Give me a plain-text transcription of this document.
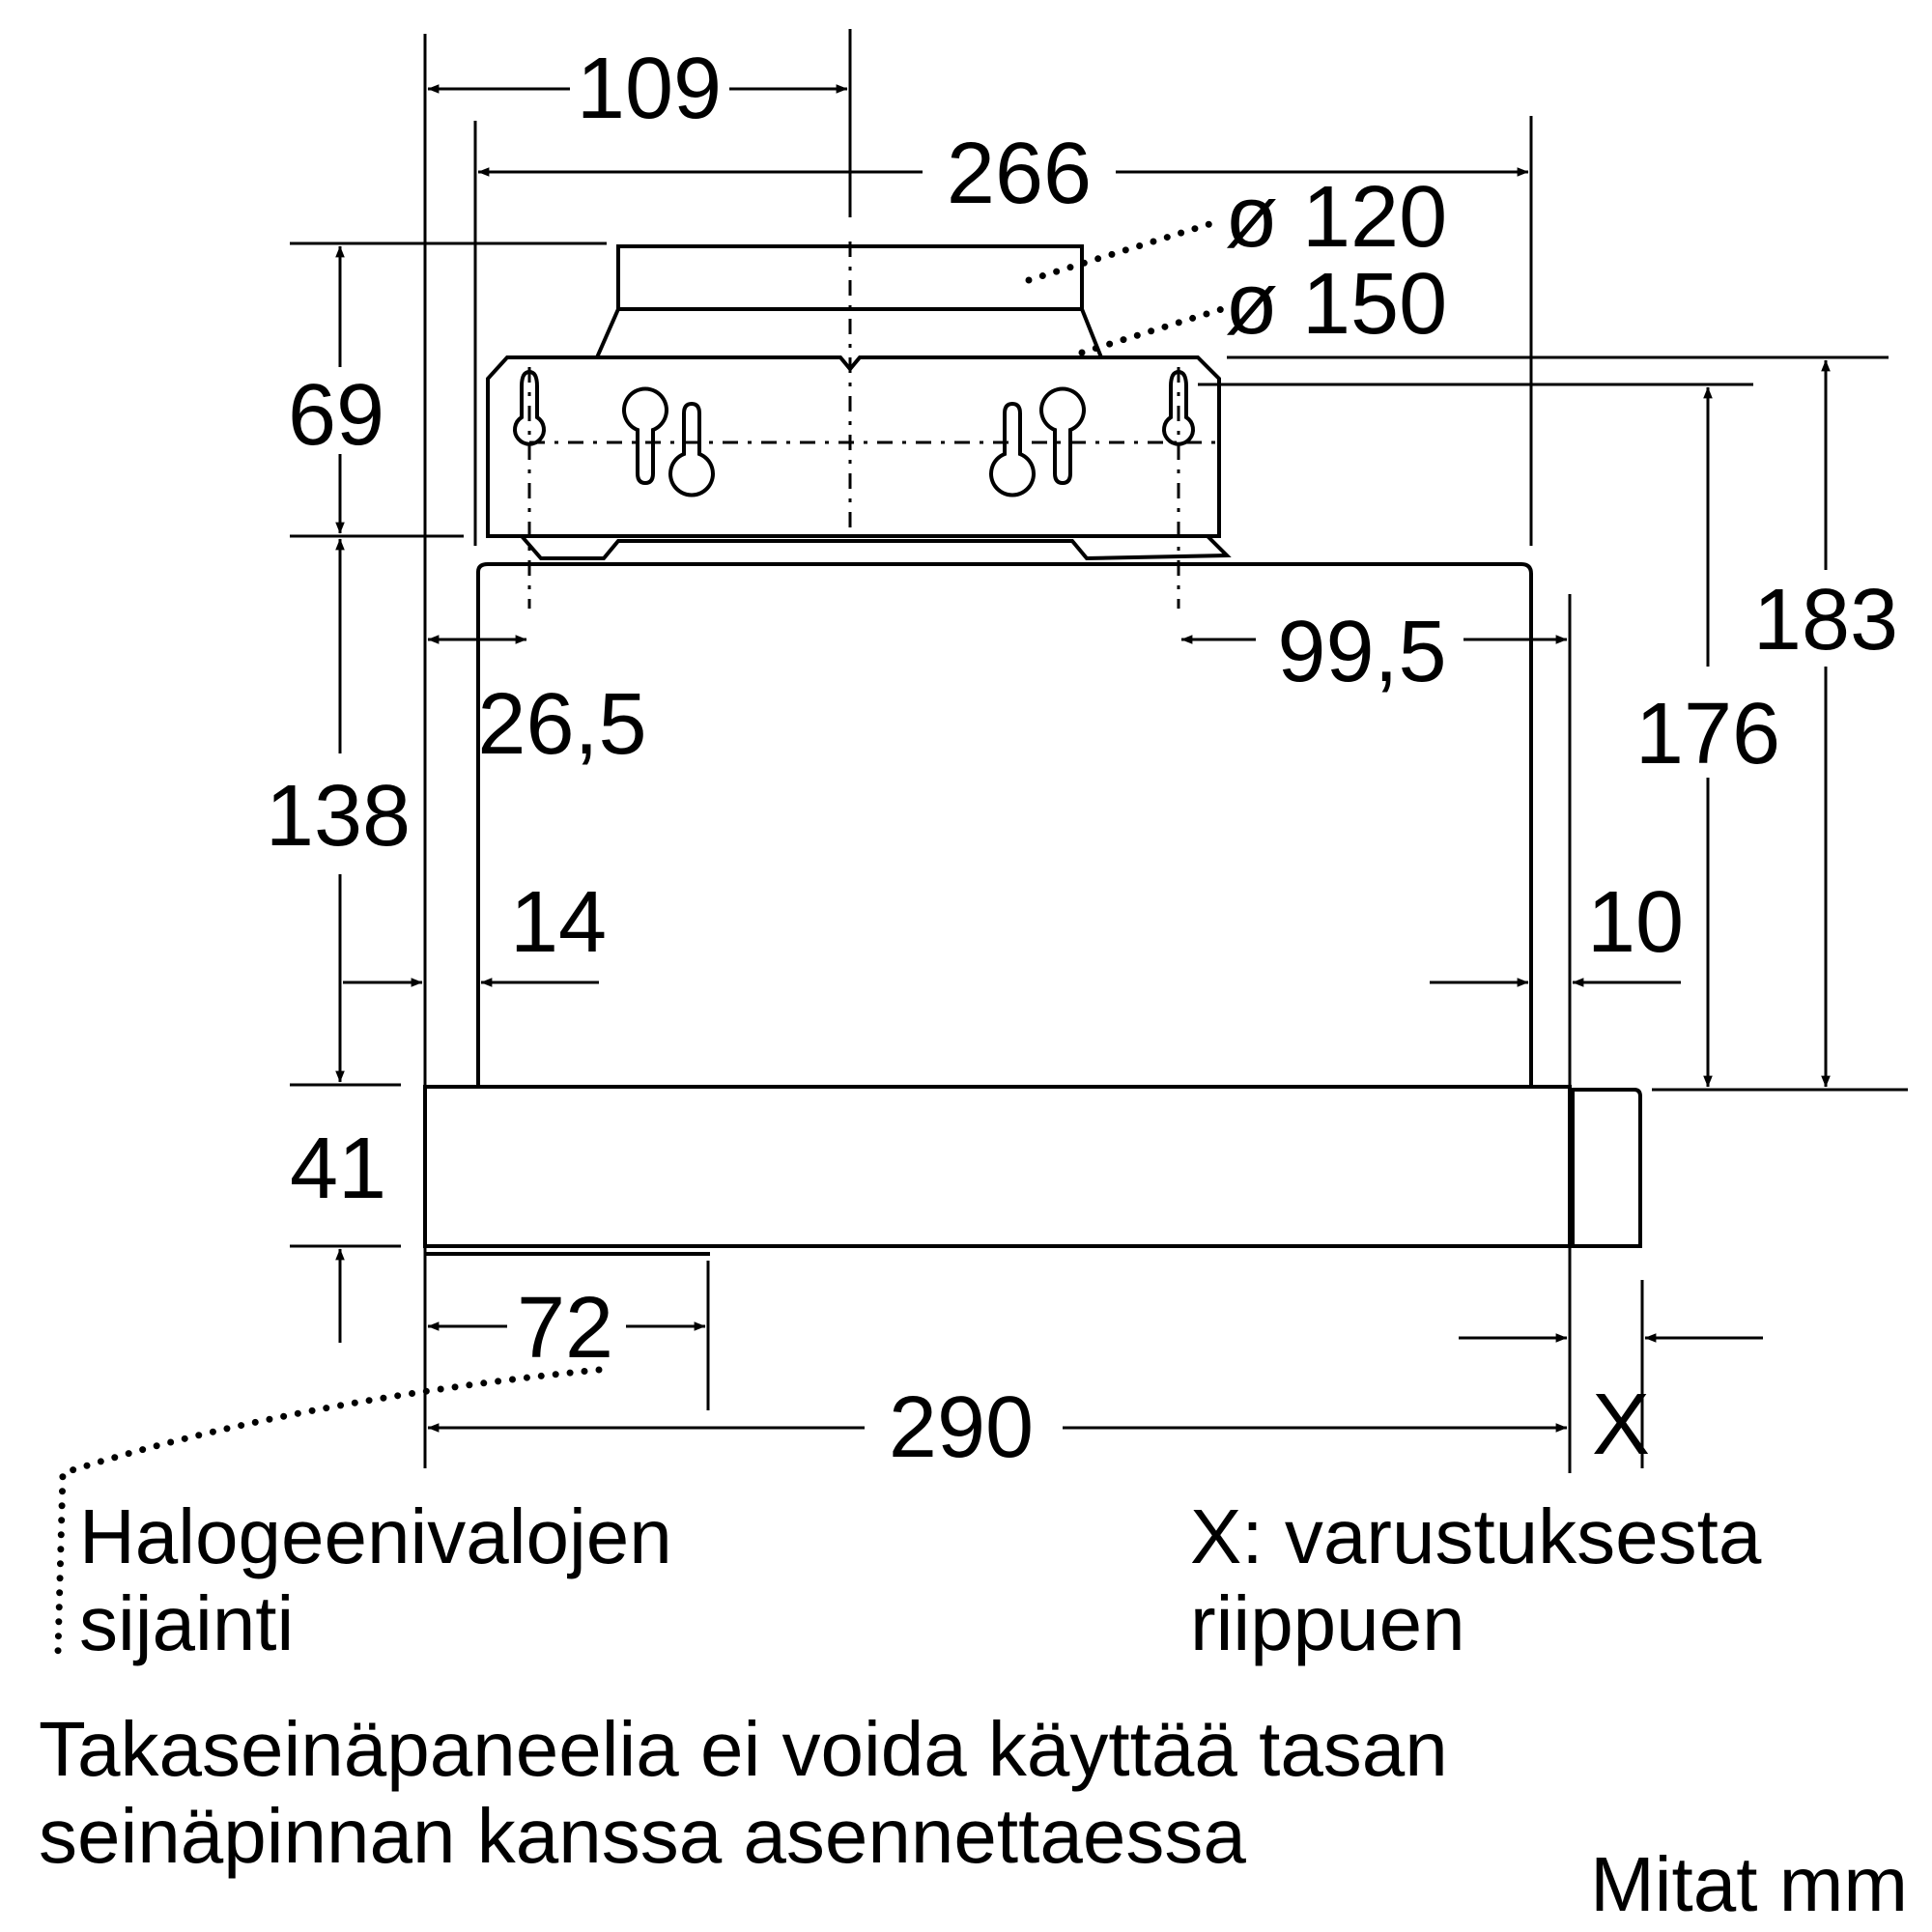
109
266 ø 120
ø 150
69
183
176
99,5
26,5
138
14	10
41
72
290	X
Halogeenivalojen
sijainti
X: varustuksesta
riippuen
Takaseinäpaneelia ei voida käyttää tasan
seinäpinnan kanssa asennettaessa
Mitat mm
